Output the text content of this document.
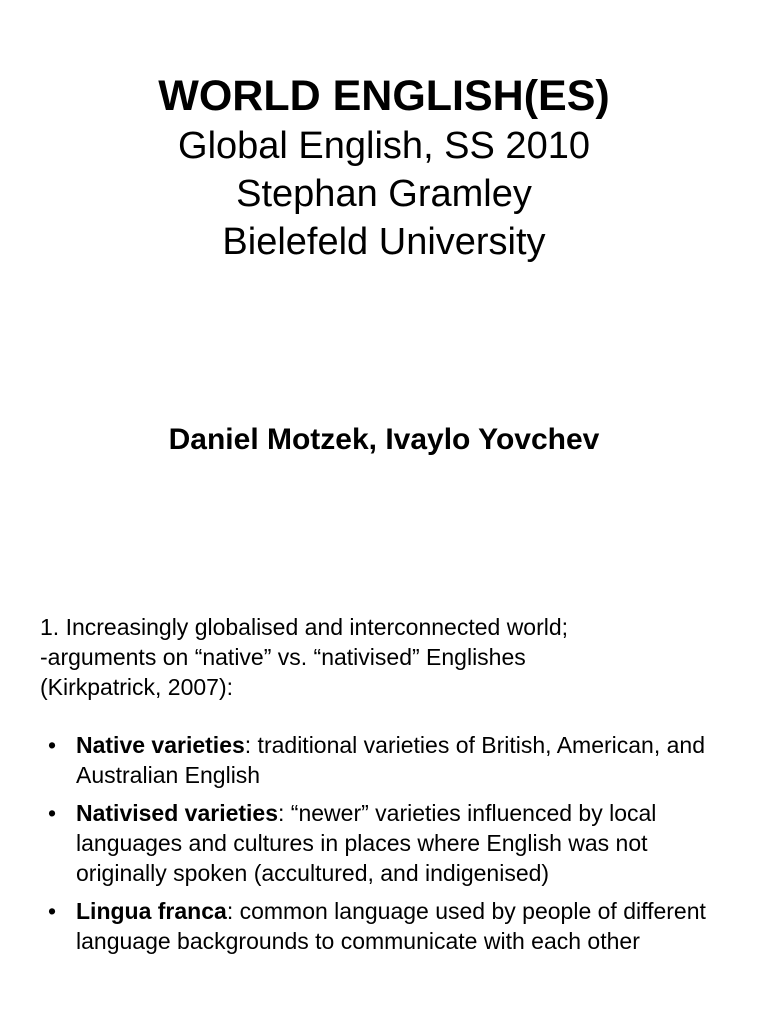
WORLD ENGLISH(ES)

Global English, SS 2010

Stephan Gramley

Bielefeld University

Daniel Motzek, Ivaylo Yovchev

1. Increasingly globalised and interconnected world;

-arguments on “native” vs. “nativised” Englishes

(Kirkpatrick, 2007):

• Native varieties: traditional varieties of British, American, and Australian English
• Nativised varieties: “newer” varieties influenced by local languages and cultures in places where English was not originally spoken (accultured, and indigenised)
• Lingua franca: common language used by people of different language backgrounds to communicate with each other
